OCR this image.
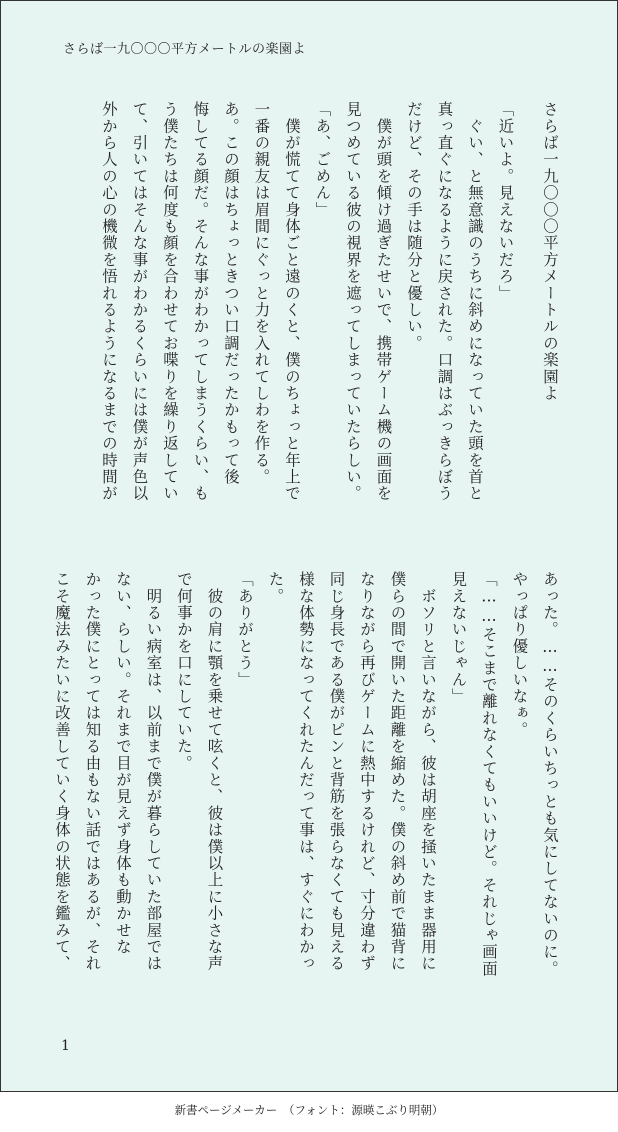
さらば一九〇〇〇平方メートルの楽園よ
さらば一九〇〇〇平方メートルの楽園よ
「近いよ。見えないだろ」
　ぐい、と無意識のうちに斜めになっていた頭を首と
真っ直ぐになるように戻された。口調はぶっきらぼう
だけど、その手は随分と優しい。
　僕が頭を傾け過ぎたせいで、携帯ゲーム機の画面を
見つめている彼の視界を遮ってしまっていたらしい。
「あ、ごめん」
　僕が慌てて身体ごと遠のくと、僕のちょっと年上で
一番の親友は眉間にぐっと力を入れてしわを作る。
あ。この顔はちょっときつい口調だったかもって後
悔してる顔だ。そんな事がわかってしまうくらい、も
う僕たちは何度も顔を合わせてお喋りを繰り返してい
て、引いてはそんな事がわかるくらいには僕が声色以
外から人の心の機微を悟れるようになるまでの時間が
あった。……そのくらいちっとも気にしてないのに。
やっぱり優しいなぁ。
「……そこまで離れなくてもいいけど。それじゃ画面
見えないじゃん」
　ボソリと言いながら、彼は胡座を掻いたまま器用に
僕らの間で開いた距離を縮めた。僕の斜め前で猫背に
なりながら再びゲームに熱中するけれど、寸分違わず
同じ身長である僕がピンと背筋を張らなくても見える
様な体勢になってくれたんだって事は、すぐにわかっ
た。
「ありがとう」
　彼の肩に顎を乗せて呟くと、彼は僕以上に小さな声
で何事かを口にしていた。
　明るい病室は、以前まで僕が暮らしていた部屋では
ない、らしい。それまで目が見えず身体も動かせな
かった僕にとっては知る由もない話ではあるが、それ
こそ魔法みたいに改善していく身体の状態を鑑みて、
1
新書ページメーカー　（フォント：源暎こぶり明朝）
